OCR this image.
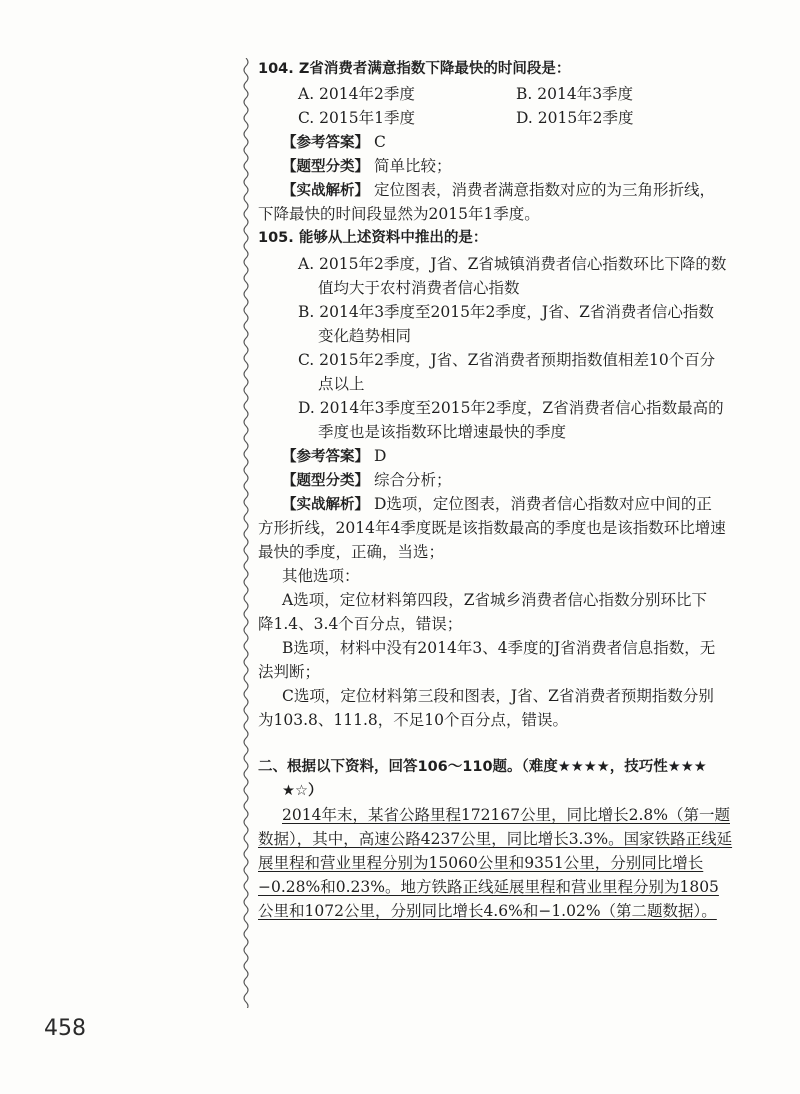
104. Z省消费者满意指数下降最快的时间段是：
A. 2014年2季度	B. 2014年3季度
C. 2015年1季度	D. 2015年2季度
【参考答案】 C
【题型分类】 简单比较；
【实战解析】 定位图表，消费者满意指数对应的为三角形折线，
下降最快的时间段显然为2015年1季度。
105. 能够从上述资料中推出的是：
A. 2015年2季度，J省、Z省城镇消费者信心指数环比下降的数
值均大于农村消费者信心指数
B. 2014年3季度至2015年2季度，J省、Z省消费者信心指数
变化趋势相同
C. 2015年2季度，J省、Z省消费者预期指数值相差10个百分
点以上
D. 2014年3季度至2015年2季度，Z省消费者信心指数最高的
季度也是该指数环比增速最快的季度
【参考答案】 D
【题型分类】 综合分析；
【实战解析】 D选项，定位图表，消费者信心指数对应中间的正
方形折线，2014年4季度既是该指数最高的季度也是该指数环比增速
最快的季度，正确，当选；
其他选项：
A选项，定位材料第四段，Z省城乡消费者信心指数分别环比下
降1.4、3.4个百分点，错误；
B选项，材料中没有2014年3、4季度的J省消费者信息指数，无
法判断；
C选项，定位材料第三段和图表，J省、Z省消费者预期指数分别
为103.8、111.8，不足10个百分点，错误。
二、根据以下资料，回答106～110题。（难度★★★★，技巧性★★★
★☆）
2014年末，某省公路里程172167公里，同比增长2.8%（第一题
数据），其中，高速公路4237公里，同比增长3.3%。国家铁路正线延
展里程和营业里程分别为15060公里和9351公里，分别同比增长
−0.28%和0.23%。地方铁路正线延展里程和营业里程分别为1805
公里和1072公里，分别同比增长4.6%和−1.02%（第二题数据）。
458
